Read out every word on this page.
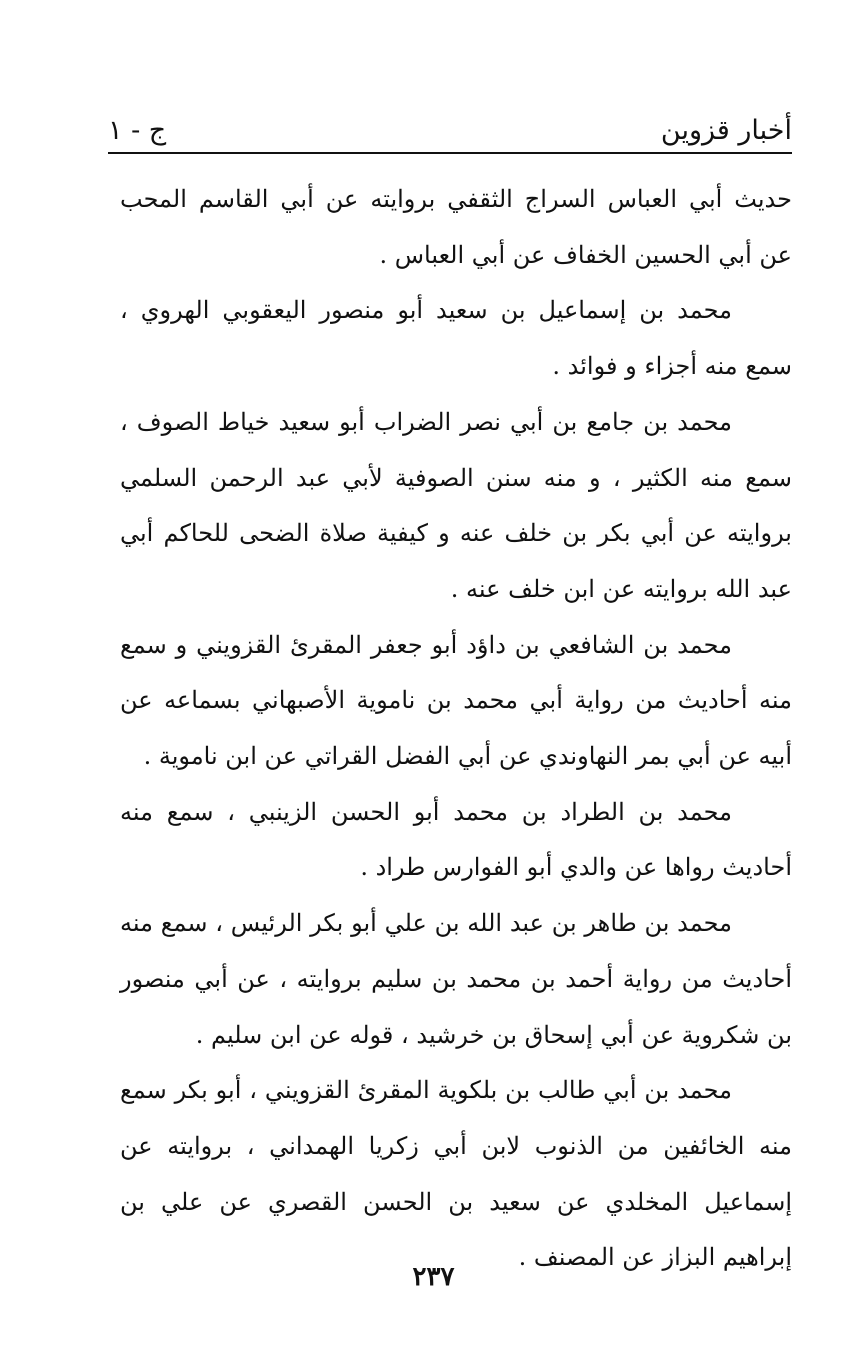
أخبار قزوين
ج - ١

حديث أبي العباس السراج الثقفي بروايته عن أبي القاسم المحب عن أبي الحسين الخفاف عن أبي العباس .

محمد بن إسماعيل بن سعيد أبو منصور اليعقوبي الهروي ، سمع منه أجزاء و فوائد .

محمد بن جامع بن أبي نصر الضراب أبو سعيد خياط الصوف ، سمع منه الكثير ، و منه سنن الصوفية لأبي عبد الرحمن السلمي بروايته عن أبي بكر بن خلف عنه و كيفية صلاة الضحى للحاكم أبي عبد الله بروايته عن ابن خلف عنه .

محمد بن الشافعي بن داؤد أبو جعفر المقرئ القزويني و سمع منه أحاديث من رواية أبي محمد بن ناموية الأصبهاني بسماعه عن أبيه عن أبي بمر النهاوندي عن أبي الفضل القراتي عن ابن ناموية .

محمد بن الطراد بن محمد أبو الحسن الزينبي ، سمع منه أحاديث رواها عن والدي أبو الفوارس طراد .

محمد بن طاهر بن عبد الله بن علي أبو بكر الرئيس ، سمع منه أحاديث من رواية أحمد بن محمد بن سليم بروايته ، عن أبي منصور بن شكروية عن أبي إسحاق بن خرشيد ، قوله عن ابن سليم .

محمد بن أبي طالب بن بلكوية المقرئ القزويني ، أبو بكر سمع منه الخائفين من الذنوب لابن أبي زكريا الهمداني ، بروايته عن إسماعيل المخلدي عن سعيد بن الحسن القصري عن علي بن إبراهيم البزاز عن المصنف .

٢٣٧
